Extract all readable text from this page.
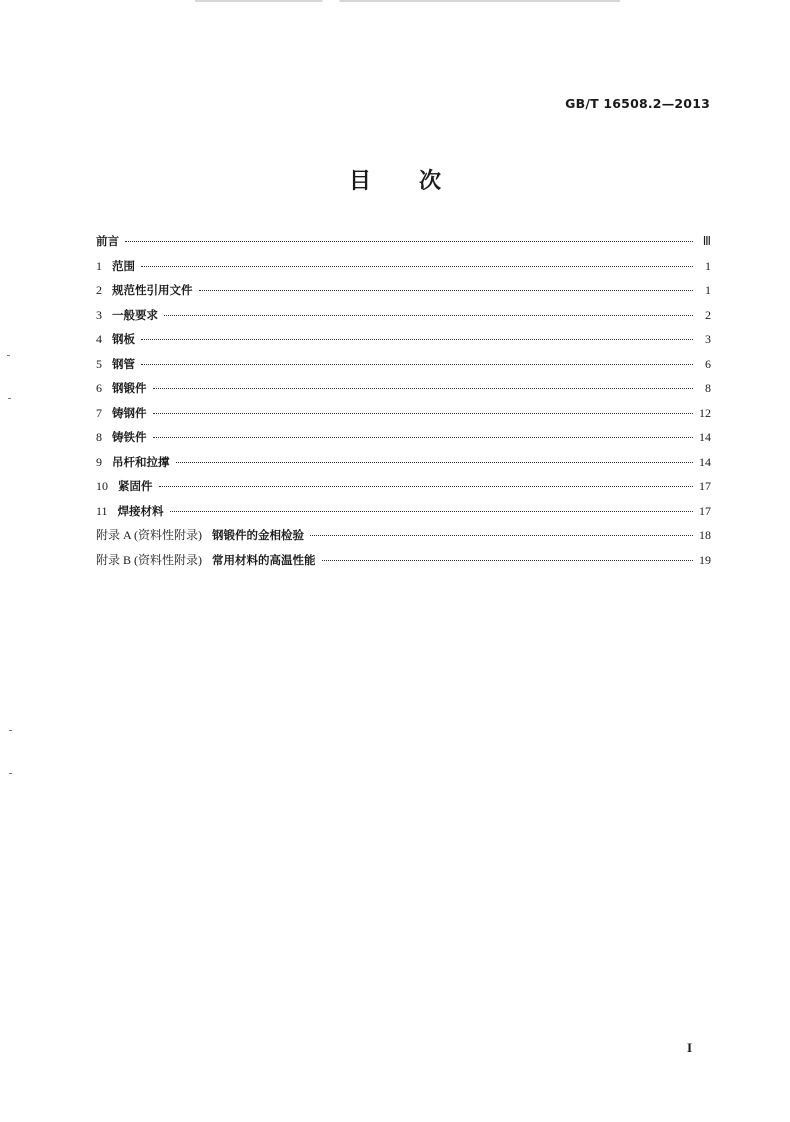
GB/T 16508.2—2013
目 次
前言	Ⅲ
1 范围	1
2 规范性引用文件	1
3 一般要求	2
4 钢板	3
5 钢管	6
6 钢锻件	8
7 铸钢件	12
8 铸铁件	14
9 吊杆和拉撑	14
10 紧固件	17
11 焊接材料	17
附录 A (资料性附录) 钢锻件的金相检验	18
附录 B (资料性附录) 常用材料的高温性能	19
I
